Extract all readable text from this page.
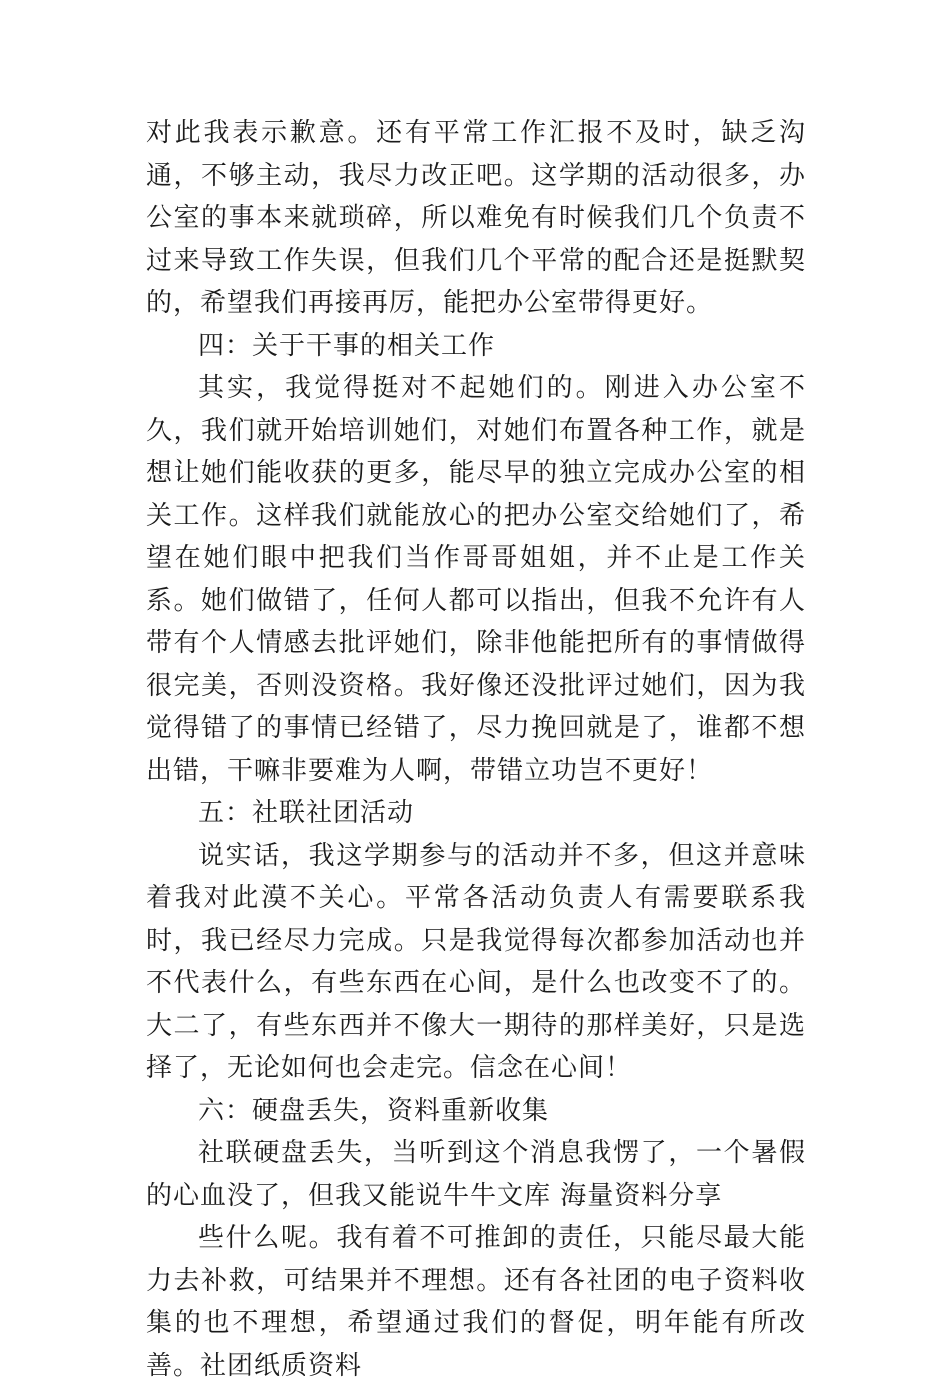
对此我表示歉意。还有平常工作汇报不及时，缺乏沟通，不够主动，我尽力改正吧。这学期的活动很多，办公室的事本来就琐碎，所以难免有时候我们几个负责不过来导致工作失误，但我们几个平常的配合还是挺默契的，希望我们再接再厉，能把办公室带得更好。

四：关于干事的相关工作

其实，我觉得挺对不起她们的。刚进入办公室不久，我们就开始培训她们，对她们布置各种工作，就是想让她们能收获的更多，能尽早的独立完成办公室的相关工作。这样我们就能放心的把办公室交给她们了，希望在她们眼中把我们当作哥哥姐姐，并不止是工作关系。她们做错了，任何人都可以指出，但我不允许有人带有个人情感去批评她们，除非他能把所有的事情做得很完美，否则没资格。我好像还没批评过她们，因为我觉得错了的事情已经错了，尽力挽回就是了，谁都不想出错，干嘛非要难为人啊，带错立功岂不更好！

五：社联社团活动

说实话，我这学期参与的活动并不多，但这并意味着我对此漠不关心。平常各活动负责人有需要联系我时，我已经尽力完成。只是我觉得每次都参加活动也并不代表什么，有些东西在心间，是什么也改变不了的。大二了，有些东西并不像大一期待的那样美好，只是选择了，无论如何也会走完。信念在心间！

六：硬盘丢失，资料重新收集

社联硬盘丢失，当听到这个消息我愣了，一个暑假的心血没了，但我又能说牛牛文库 海量资料分享

些什么呢。我有着不可推卸的责任，只能尽最大能力去补救，可结果并不理想。还有各社团的电子资料收集的也不理想，希望通过我们的督促，明年能有所改善。社团纸质资料
